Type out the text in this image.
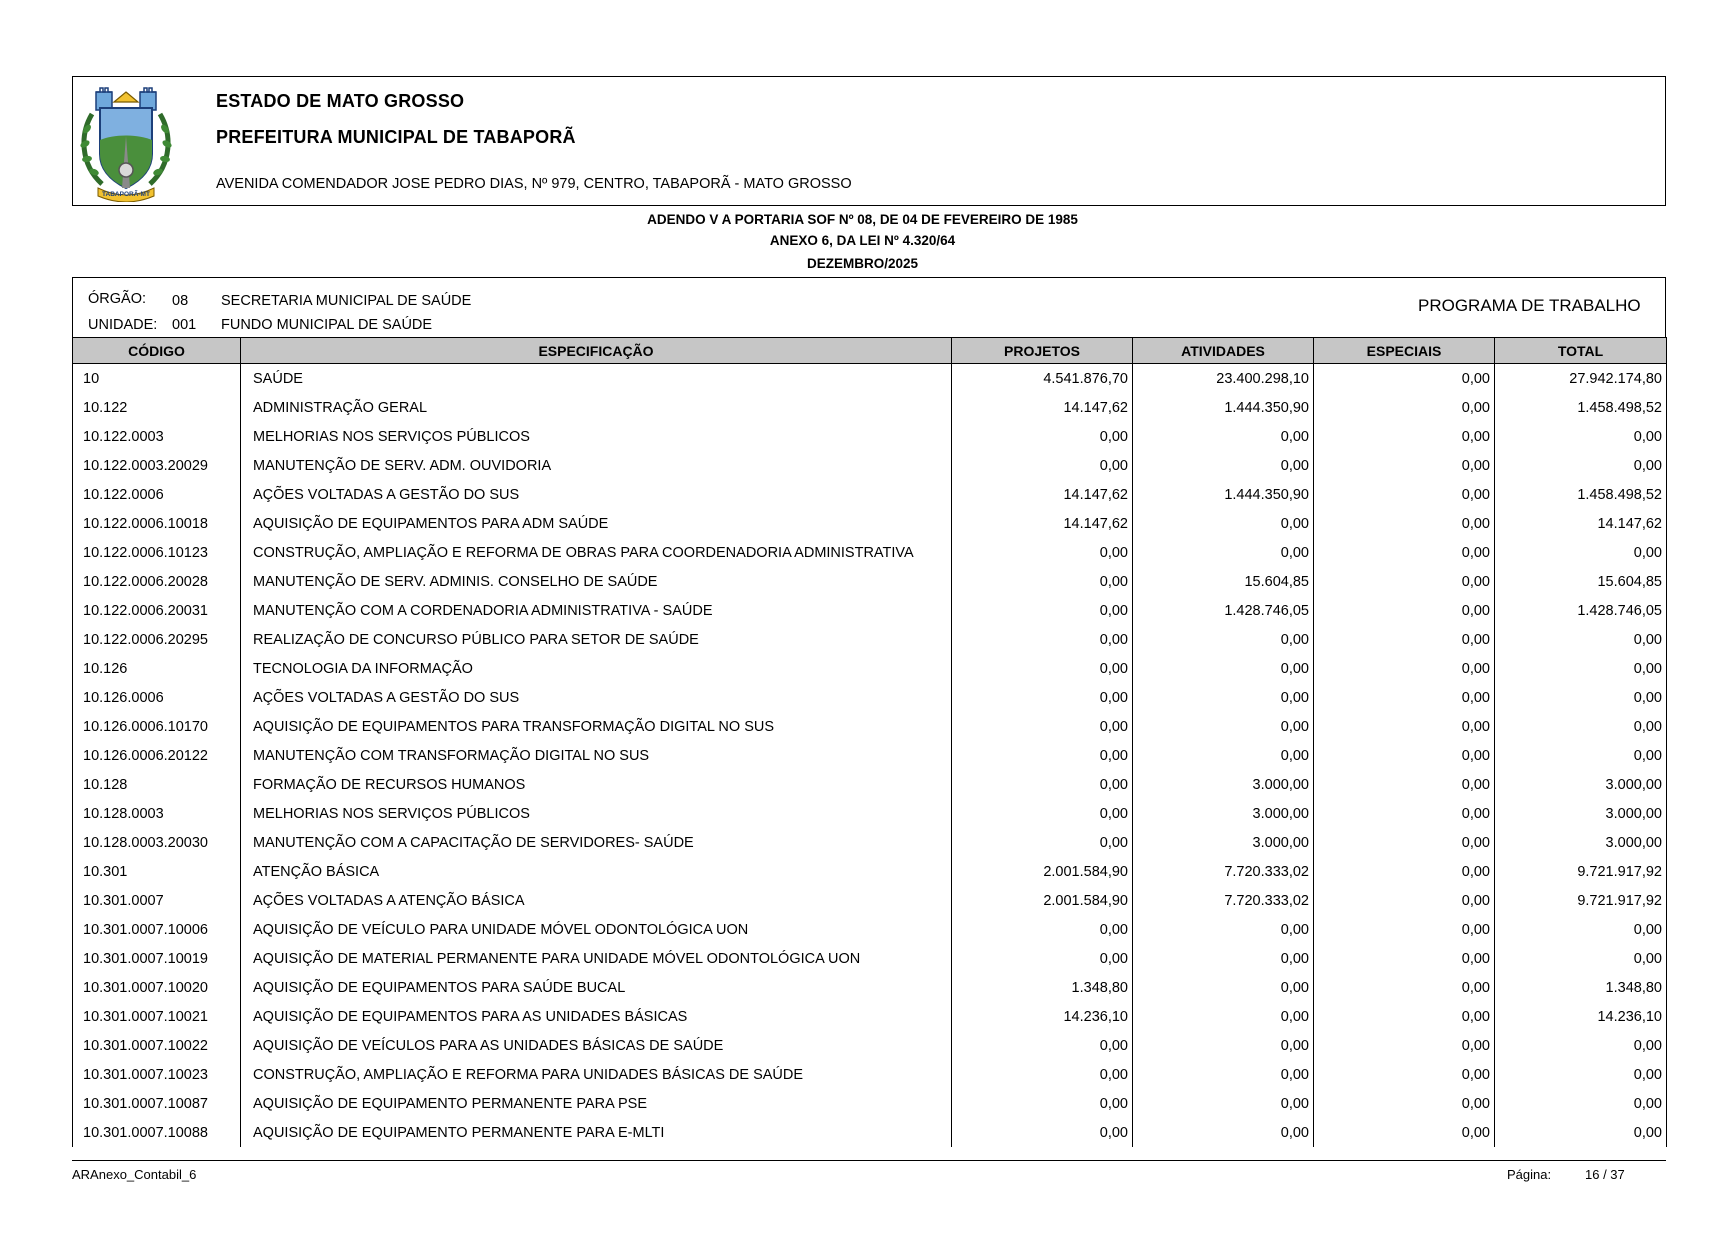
TABAPORÃ-MT
ESTADO DE MATO GROSSO
PREFEITURA MUNICIPAL DE TABAPORÃ
AVENIDA COMENDADOR JOSE PEDRO DIAS, Nº 979, CENTRO, TABAPORÃ - MATO GROSSO
ADENDO V A PORTARIA SOF Nº 08, DE 04 DE FEVEREIRO DE 1985
ANEXO 6, DA LEI Nº 4.320/64
DEZEMBRO/2025
ÓRGÃO: 08 SECRETARIA MUNICIPAL DE SAÚDE
UNIDADE: 001 FUNDO MUNICIPAL DE SAÚDE
PROGRAMA DE TRABALHO
CÓDIGO	ESPECIFICAÇÃO	PROJETOS	ATIVIDADES	ESPECIAIS	TOTAL
10	SAÚDE	4.541.876,70	23.400.298,10	0,00	27.942.174,80
10.122	ADMINISTRAÇÃO GERAL	14.147,62	1.444.350,90	0,00	1.458.498,52
10.122.0003	MELHORIAS NOS SERVIÇOS PÚBLICOS	0,00	0,00	0,00	0,00
10.122.0003.20029	MANUTENÇÃO DE SERV. ADM. OUVIDORIA	0,00	0,00	0,00	0,00
10.122.0006	AÇÕES VOLTADAS A GESTÃO DO SUS	14.147,62	1.444.350,90	0,00	1.458.498,52
10.122.0006.10018	AQUISIÇÃO DE EQUIPAMENTOS PARA ADM SAÚDE	14.147,62	0,00	0,00	14.147,62
10.122.0006.10123	CONSTRUÇÃO, AMPLIAÇÃO E REFORMA DE OBRAS PARA COORDENADORIA ADMINISTRATIVA	0,00	0,00	0,00	0,00
10.122.0006.20028	MANUTENÇÃO DE SERV. ADMINIS. CONSELHO DE SAÚDE	0,00	15.604,85	0,00	15.604,85
10.122.0006.20031	MANUTENÇÃO COM A CORDENADORIA ADMINISTRATIVA - SAÚDE	0,00	1.428.746,05	0,00	1.428.746,05
10.122.0006.20295	REALIZAÇÃO DE CONCURSO PÚBLICO PARA SETOR DE SAÚDE	0,00	0,00	0,00	0,00
10.126	TECNOLOGIA DA INFORMAÇÃO	0,00	0,00	0,00	0,00
10.126.0006	AÇÕES VOLTADAS A GESTÃO DO SUS	0,00	0,00	0,00	0,00
10.126.0006.10170	AQUISIÇÃO DE EQUIPAMENTOS PARA TRANSFORMAÇÃO DIGITAL NO SUS	0,00	0,00	0,00	0,00
10.126.0006.20122	MANUTENÇÃO COM TRANSFORMAÇÃO DIGITAL NO SUS	0,00	0,00	0,00	0,00
10.128	FORMAÇÃO DE RECURSOS HUMANOS	0,00	3.000,00	0,00	3.000,00
10.128.0003	MELHORIAS NOS SERVIÇOS PÚBLICOS	0,00	3.000,00	0,00	3.000,00
10.128.0003.20030	MANUTENÇÃO COM A CAPACITAÇÃO DE SERVIDORES- SAÚDE	0,00	3.000,00	0,00	3.000,00
10.301	ATENÇÃO BÁSICA	2.001.584,90	7.720.333,02	0,00	9.721.917,92
10.301.0007	AÇÕES VOLTADAS A ATENÇÃO BÁSICA	2.001.584,90	7.720.333,02	0,00	9.721.917,92
10.301.0007.10006	AQUISIÇÃO DE VEÍCULO PARA UNIDADE MÓVEL ODONTOLÓGICA UON	0,00	0,00	0,00	0,00
10.301.0007.10019	AQUISIÇÃO DE MATERIAL PERMANENTE PARA UNIDADE MÓVEL ODONTOLÓGICA UON	0,00	0,00	0,00	0,00
10.301.0007.10020	AQUISIÇÃO DE EQUIPAMENTOS PARA SAÚDE BUCAL	1.348,80	0,00	0,00	1.348,80
10.301.0007.10021	AQUISIÇÃO DE EQUIPAMENTOS PARA AS UNIDADES BÁSICAS	14.236,10	0,00	0,00	14.236,10
10.301.0007.10022	AQUISIÇÃO DE VEÍCULOS PARA AS UNIDADES BÁSICAS DE SAÚDE	0,00	0,00	0,00	0,00
10.301.0007.10023	CONSTRUÇÃO, AMPLIAÇÃO E REFORMA PARA UNIDADES BÁSICAS DE SAÚDE	0,00	0,00	0,00	0,00
10.301.0007.10087	AQUISIÇÃO DE EQUIPAMENTO PERMANENTE PARA PSE	0,00	0,00	0,00	0,00
10.301.0007.10088	AQUISIÇÃO DE EQUIPAMENTO PERMANENTE PARA E-MLTI	0,00	0,00	0,00	0,00
ARAnexo_Contabil_6	Página:	16 / 37
